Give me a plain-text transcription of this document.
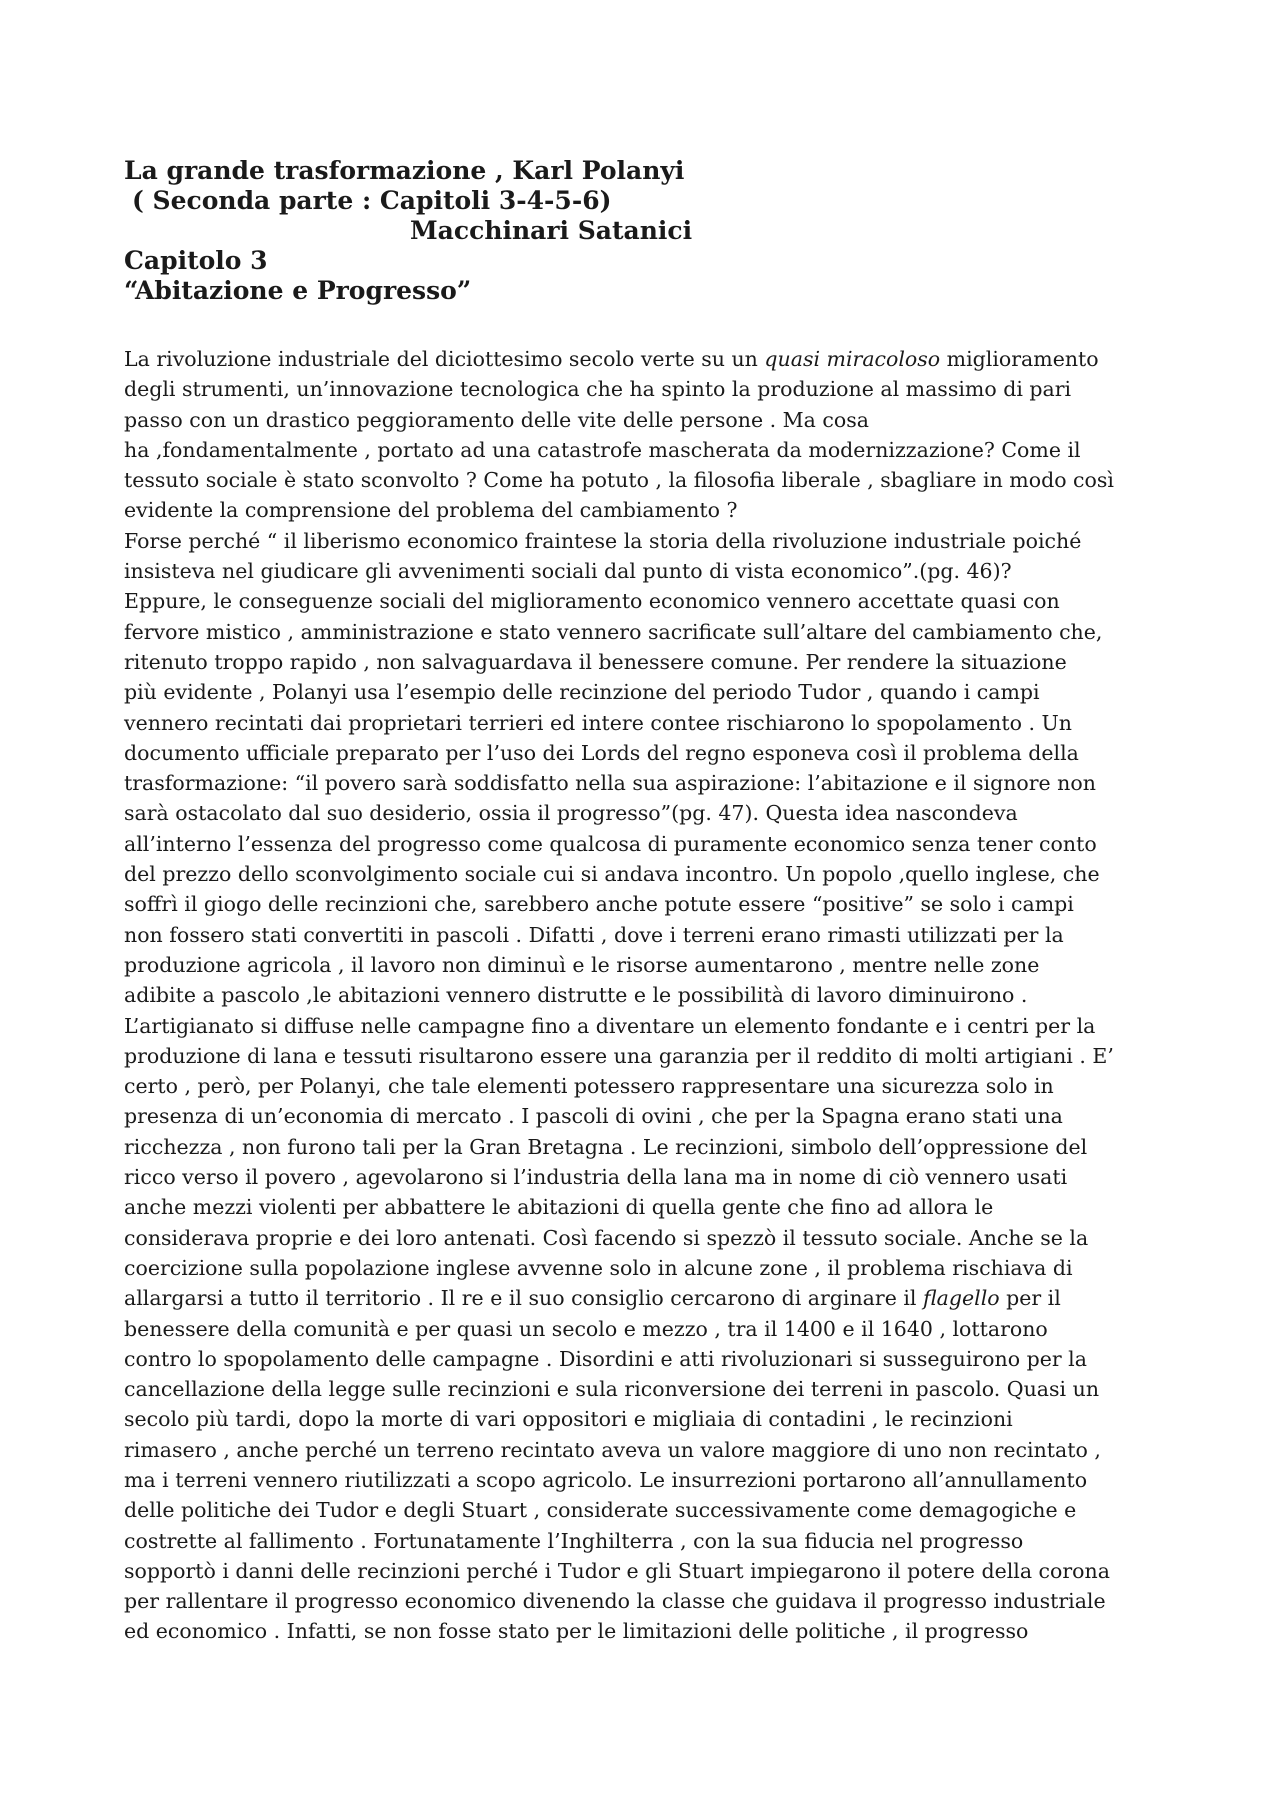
La grande trasformazione , Karl Polanyi
( Seconda parte : Capitoli 3-4-5-6)
Macchinari Satanici
Capitolo 3
“Abitazione e Progresso”
La rivoluzione industriale del diciottesimo secolo verte su un quasi miracoloso miglioramento
degli strumenti, un’innovazione tecnologica che ha spinto la produzione al massimo di pari
passo con un drastico peggioramento delle vite delle persone . Ma cosa
ha ,fondamentalmente , portato ad una catastrofe mascherata da modernizzazione? Come il
tessuto sociale è stato sconvolto ? Come ha potuto , la filosofia liberale , sbagliare in modo così
evidente la comprensione del problema del cambiamento ?
Forse perché “ il liberismo economico fraintese la storia della rivoluzione industriale poiché
insisteva nel giudicare gli avvenimenti sociali dal punto di vista economico”.(pg. 46)?
Eppure, le conseguenze sociali del miglioramento economico vennero accettate quasi con
fervore mistico , amministrazione e stato vennero sacrificate sull’altare del cambiamento che,
ritenuto troppo rapido , non salvaguardava il benessere comune. Per rendere la situazione
più evidente , Polanyi usa l’esempio delle recinzione del periodo Tudor , quando i campi
vennero recintati dai proprietari terrieri ed intere contee rischiarono lo spopolamento . Un
documento ufficiale preparato per l’uso dei Lords del regno esponeva così il problema della
trasformazione: “il povero sarà soddisfatto nella sua aspirazione: l’abitazione e il signore non
sarà ostacolato dal suo desiderio, ossia il progresso”(pg. 47). Questa idea nascondeva
all’interno l’essenza del progresso come qualcosa di puramente economico senza tener conto
del prezzo dello sconvolgimento sociale cui si andava incontro. Un popolo ,quello inglese, che
soffrì il giogo delle recinzioni che, sarebbero anche potute essere “positive” se solo i campi
non fossero stati convertiti in pascoli . Difatti , dove i terreni erano rimasti utilizzati per la
produzione agricola , il lavoro non diminuì e le risorse aumentarono , mentre nelle zone
adibite a pascolo ,le abitazioni vennero distrutte e le possibilità di lavoro diminuirono .
L’artigianato si diffuse nelle campagne fino a diventare un elemento fondante e i centri per la
produzione di lana e tessuti risultarono essere una garanzia per il reddito di molti artigiani . E’
certo , però, per Polanyi, che tale elementi potessero rappresentare una sicurezza solo in
presenza di un’economia di mercato . I pascoli di ovini , che per la Spagna erano stati una
ricchezza , non furono tali per la Gran Bretagna . Le recinzioni, simbolo dell’oppressione del
ricco verso il povero , agevolarono si l’industria della lana ma in nome di ciò vennero usati
anche mezzi violenti per abbattere le abitazioni di quella gente che fino ad allora le
considerava proprie e dei loro antenati. Così facendo si spezzò il tessuto sociale. Anche se la
coercizione sulla popolazione inglese avvenne solo in alcune zone , il problema rischiava di
allargarsi a tutto il territorio . Il re e il suo consiglio cercarono di arginare il flagello per il
benessere della comunità e per quasi un secolo e mezzo , tra il 1400 e il 1640 , lottarono
contro lo spopolamento delle campagne . Disordini e atti rivoluzionari si susseguirono per la
cancellazione della legge sulle recinzioni e sula riconversione dei terreni in pascolo. Quasi un
secolo più tardi, dopo la morte di vari oppositori e migliaia di contadini , le recinzioni
rimasero , anche perché un terreno recintato aveva un valore maggiore di uno non recintato ,
ma i terreni vennero riutilizzati a scopo agricolo. Le insurrezioni portarono all’annullamento
delle politiche dei Tudor e degli Stuart , considerate successivamente come demagogiche e
costrette al fallimento . Fortunatamente l’Inghilterra , con la sua fiducia nel progresso
sopportò i danni delle recinzioni perché i Tudor e gli Stuart impiegarono il potere della corona
per rallentare il progresso economico divenendo la classe che guidava il progresso industriale
ed economico . Infatti, se non fosse stato per le limitazioni delle politiche , il progresso
